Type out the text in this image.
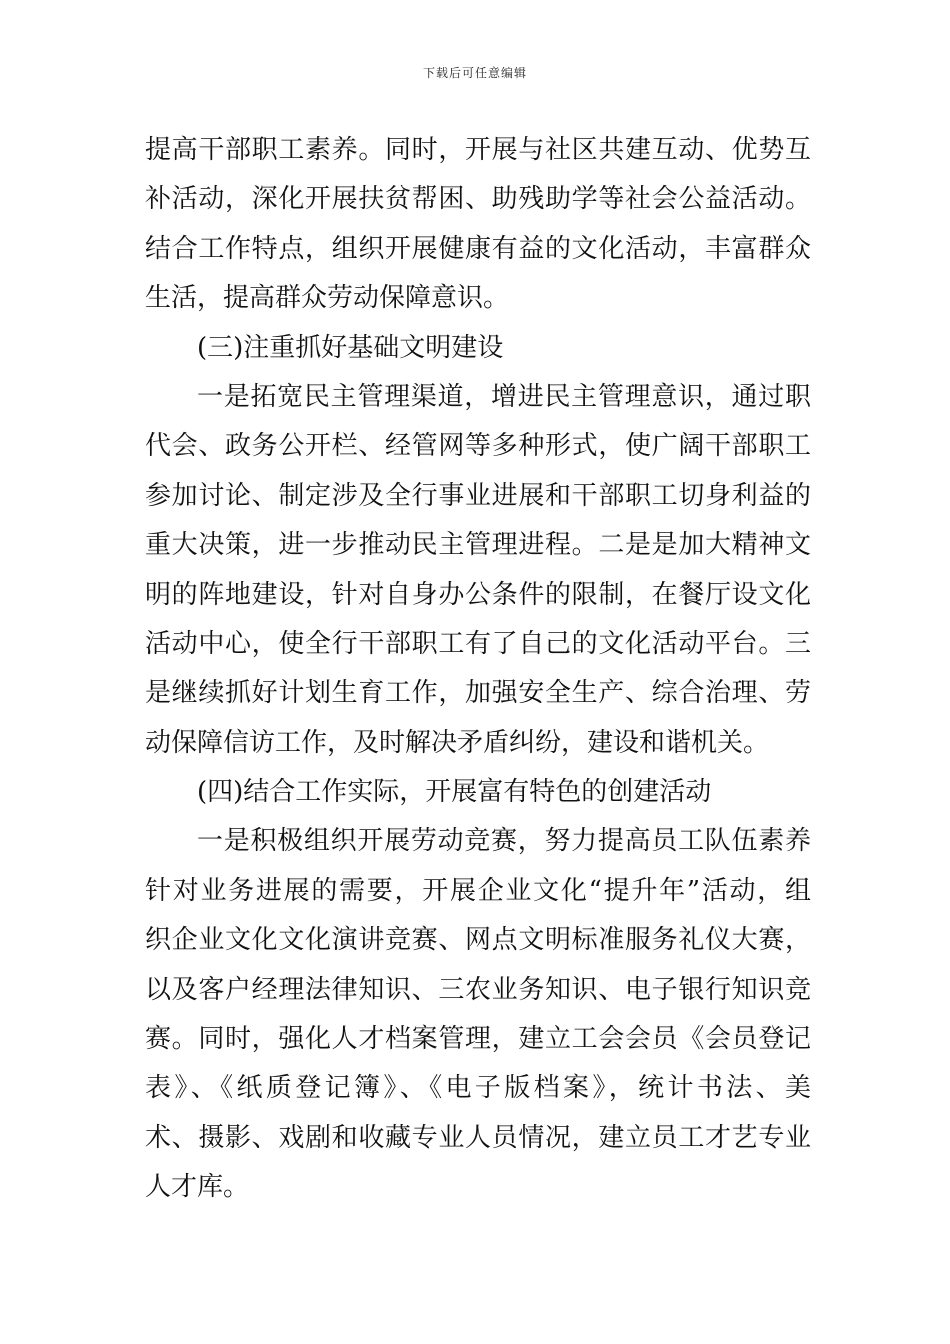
下载后可任意编辑
提高干部职工素养。同时，开展与社区共建互动、优势互
补活动，深化开展扶贫帮困、助残助学等社会公益活动。
结合工作特点，组织开展健康有益的文化活动，丰富群众
生活，提高群众劳动保障意识。
(三)注重抓好基础文明建设
一是拓宽民主管理渠道，增进民主管理意识，通过职
代会、政务公开栏、经管网等多种形式，使广阔干部职工
参加讨论、制定涉及全行事业进展和干部职工切身利益的
重大决策，进一步推动民主管理进程。二是是加大精神文
明的阵地建设，针对自身办公条件的限制，在餐厅设文化
活动中心，使全行干部职工有了自己的文化活动平台。三
是继续抓好计划生育工作，加强安全生产、综合治理、劳
动保障信访工作，及时解决矛盾纠纷，建设和谐机关。
(四)结合工作实际，开展富有特色的创建活动
一是积极组织开展劳动竞赛，努力提高员工队伍素养
针对业务进展的需要，开展企业文化“提升年”活动，组
织企业文化文化演讲竞赛、网点文明标准服务礼仪大赛，
以及客户经理法律知识、三农业务知识、电子银行知识竞
赛。同时，强化人才档案管理，建立工会会员《会员登记
表》、《纸质登记簿》、《电子版档案》，统计书法、美
术、摄影、戏剧和收藏专业人员情况，建立员工才艺专业
人才库。
